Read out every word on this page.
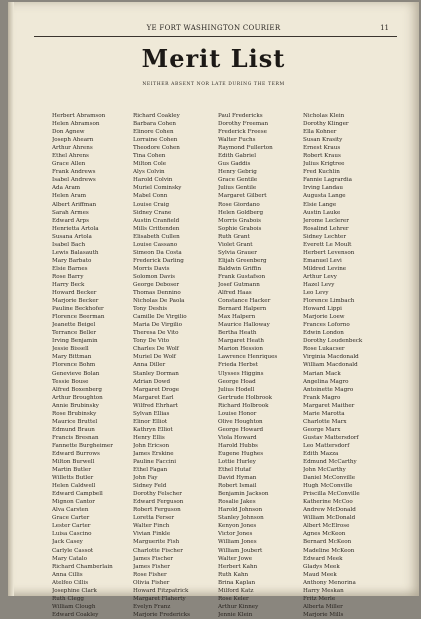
YE FORT WASHINGTON COURIER	11
Merit List
NEITHER ABSENT NOR LATE DURING THE TERM
Herbert Abramson
Helen Abramson
Don Agnew
Joseph Ahearn
Arthur Ahrens
Ethel Ahrens
Grace Allen
Frank Andrews
Isabel Andrews
Ada Aram
Helen Aram
Albert Ariffman
Sarah Armes
Edward Arps
Henrietta Artola
Susana Artola
Isabel Bach
Lewis Balasauth
Mary Barbato
Elsie Barnes
Rose Barry
Harry Beck
Howard Becker
Marjorie Becker
Pauline Beckhofer
Florence Beerman
Jeanette Beigel
Terrance Beller
Irving Benjamin
Jessie Bissell
Mary Bittman
Florence Bohm
Genevieve Bolan
Tessie Bouse
Alfred Boxenberg
Arthur Broughton
Annie Brubinsky
Rose Brubinsky
Maurice Bruttel
Edmund Braun
Francis Bresnan
Fannette Burgheimer
Edward Burrows
Milton Burwell
Martin Butler
Willetts Butler
Helen Caldwell
Edward Campbell
Mignon Cantor
Alva Carsten
Grace Carter
Lester Carter
Luisa Cascino
Jack Casey
Carlyle Cassot
Mary Catalo
Richard Chamberlain
Anna Cillis
Atelfeo Cillis
Josephine Clark
Ruth Clegg
William Clough
Edward Coakley
Richard Coakley
Barbara Cohen
Elinore Cohen
Lorraine Cohen
Theodore Cohen
Tina Cohen
Milton Cole
Alys Colvin
Harold Colvin
Muriel Cominsky
Mabel Conn
Louise Craig
Sidney Crane
Austin Cranfield
Mills Crittenden
Elisabeth Cullen
Louise Cassano
Simeon Da Costa
Frederick Darling
Morris Davis
Solomon Davis
George Deboser
Thomas Dennino
Nicholas De Paola
Tony Deshis
Camille De Virgilio
Maria De Virgilio
Theresa De Vito
Tony De Vito
Charles De Wolf
Muriel De Wolf
Anna Diller
Stanley Dorman
Adrian Dowd
Margaret Droge
Margaret Earl
Wilfred Ehrhart
Sylvan Ellias
Elinor Elliot
Kathryn Elliot
Henry Ellis
John Ericson
James Erskine
Pauline Faccini
Ethel Fagan
John Fay
Sidney Feld
Dorothy Felscher
Edward Ferguson
Robert Ferguson
Loretta Ferser
Walter Finch
Vivian Finkle
Marguerite Fish
Charlotte Fischer
James Fischer
James Fisher
Rose Fisher
Olivia Fisher
Howard Fitzpatrick
Margaret Flaherty
Evelyn Franz
Marjorie Fredericks
Paul Fredericks
Dorothy Freeman
Frederick Freese
Walter Fuchs
Raymond Fullerton
Edith Gabriel
Gus Gaddis
Henry Gebrig
Grace Gentile
Julius Gentile
Margaret Gilbert
Rose Giordano
Helen Goldberg
Morris Grabois
Sophie Grabois
Ruth Grant
Violet Grant
Sylvia Grauer
Elijah Greenberg
Baldwin Griffin
Frank Gustafson
Josef Gutmann
Alfred Haas
Constance Hacker
Bernard Halpern
Max Halpern
Maurice Halloway
Bertha Heath
Margaret Heath
Marion Hession
Lawrence Henriques
Frieda Herbst
Ulysses Higgins
George Hoad
Julius Hodell
Gertrude Holbrook
Richard Holbrook
Louise Honor
Olive Houghton
George Howard
Viola Howard
Harold Hubbs
Eugene Hughes
Lottie Hurley
Ethel Hutaf
David Hyman
Robert Ismail
Benjamin Jackson
Rosalie Jakes
Harold Johnson
Stanley Johnson
Kenyon Jones
Victor Jones
William Jones
William Joubert
Walter Jowe
Herbert Kahn
Ruth Kahn
Brina Kaplan
Milford Katz
Rose Keler
Arthur Kinney
Jennie Klein
Nicholas Klein
Dorothy Klinger
Ella Kohner
Susan Krasity
Ernest Kraus
Robert Kraus
Julius Krigtree
Fred Kuchlin
Fannie Lagrardia
Irving Landau
Augusta Lange
Elsie Lange
Austin Lauke
Jerome Leclerer
Rosalind Lehrer
Sidney Lechter
Everett Le Moult
Herbert Levenson
Emanuel Levi
Mildred Levine
Arthur Levy
Hazel Levy
Leo Levy
Florence Limbach
Howard Lippi
Marjorie Loew
Frances Loforno
Edwin London
Dorothy Loudenbeck
Rose Lukacser
Virginia Macdonald
William Macdonald
Marian Mack
Angelina Magro
Antoinette Magro
Frank Magro
Margaret Maither
Marie Marotta
Charlotte Marx
George Marx
Gustav Mattersdorf
Leo Mattersdorf
Edith Mazza
Edmund McCarthy
John McCarthy
Daniel McConville
Hugh McConville
Priscilla McConville
Katherine McCoo
Andrew McDonald
William McDonald
Albert McElrose
Agnes McKeon
Bernard McKeon
Madeline McKeon
Edward Meek
Gladys Meek
Maud Meek
Anthony Menorina
Harry Meskan
Fritz Merle
Alberta Miller
Marjorie Mills
